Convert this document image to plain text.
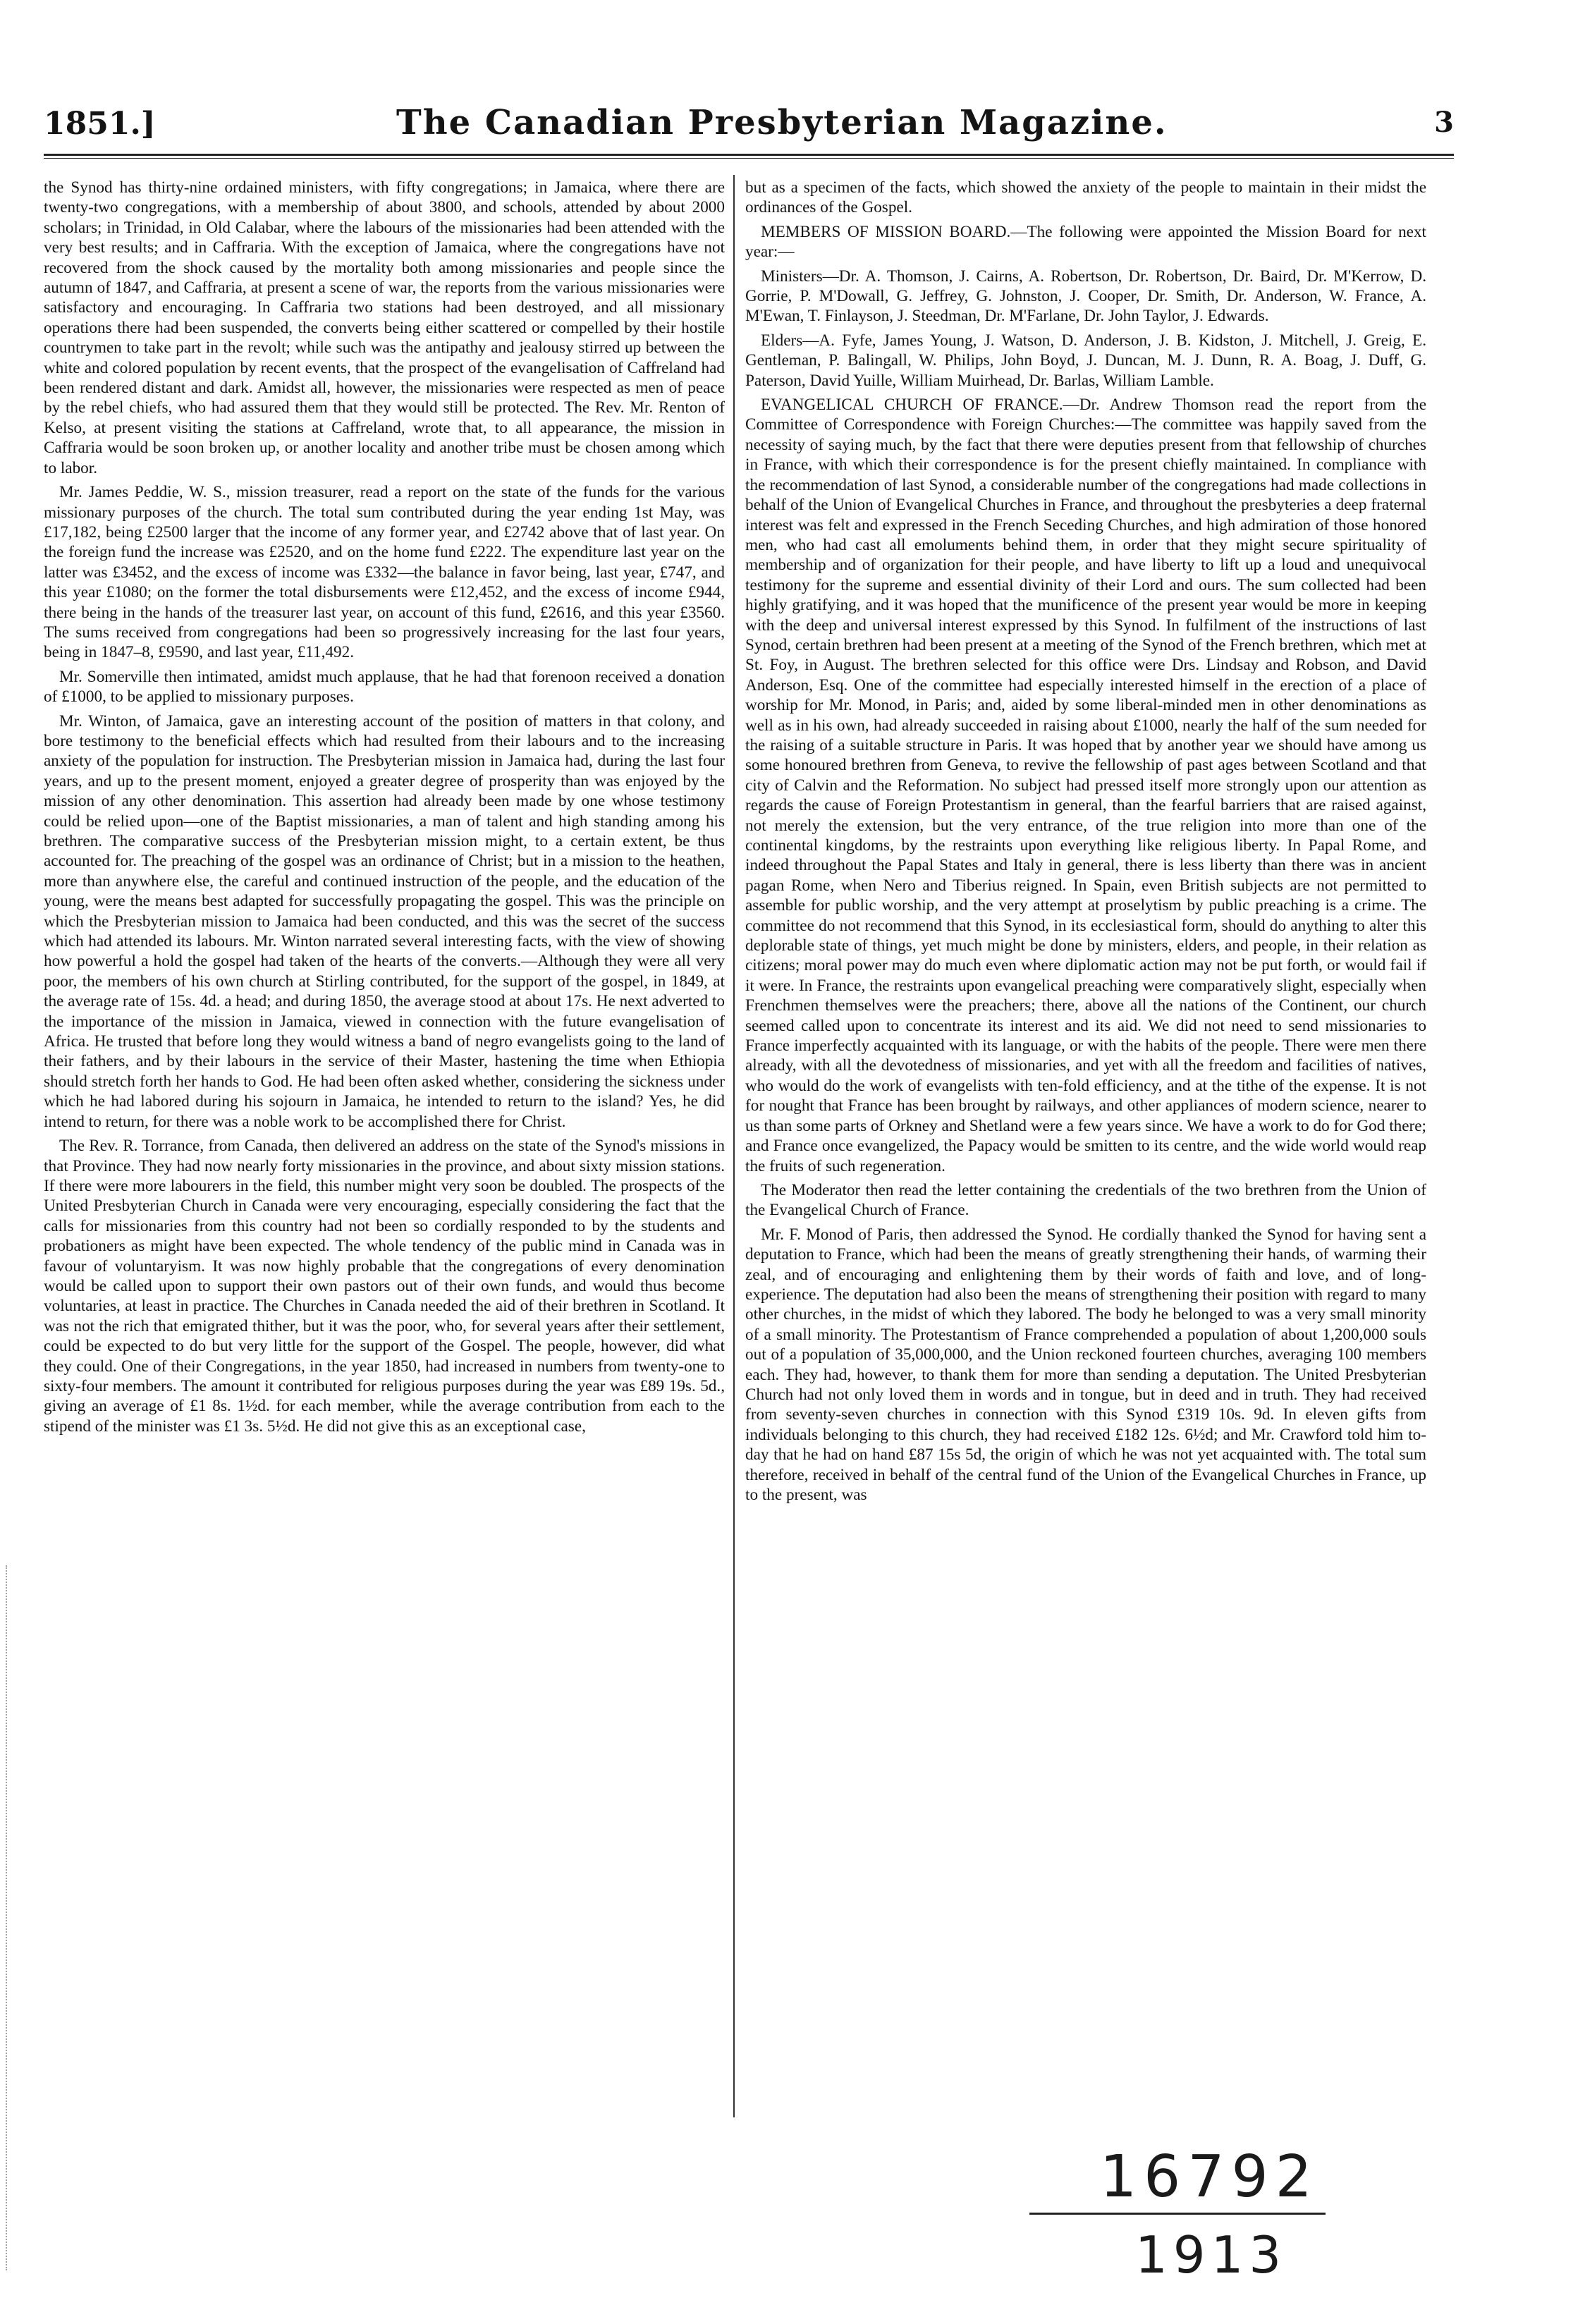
1851.]	The Canadian Presbyterian Magazine.	3

the Synod has thirty-nine ordained ministers, with fifty congregations; in Jamaica, where there are twenty-two congregations, with a membership of about 3800, and schools, attended by about 2000 scholars; in Trinidad, in Old Calabar, where the labours of the missionaries had been attended with the very best results; and in Caffraria. With the exception of Jamaica, where the congregations have not recovered from the shock caused by the mortality both among missionaries and people since the autumn of 1847, and Caffraria, at present a scene of war, the reports from the various missionaries were satisfactory and encouraging. In Caffraria two stations had been destroyed, and all missionary operations there had been suspended, the converts being either scattered or compelled by their hostile countrymen to take part in the revolt; while such was the antipathy and jealousy stirred up between the white and colored population by recent events, that the prospect of the evangelisation of Caffreland had been rendered distant and dark. Amidst all, however, the missionaries were respected as men of peace by the rebel chiefs, who had assured them that they would still be protected. The Rev. Mr. Renton of Kelso, at present visiting the stations at Caffreland, wrote that, to all appearance, the mission in Caffraria would be soon broken up, or another locality and another tribe must be chosen among which to labor.

Mr. James Peddie, W. S., mission treasurer, read a report on the state of the funds for the various missionary purposes of the church. The total sum contributed during the year ending 1st May, was £17,182, being £2500 larger that the income of any former year, and £2742 above that of last year. On the foreign fund the increase was £2520, and on the home fund £222. The expenditure last year on the latter was £3452, and the excess of income was £332—the balance in favor being, last year, £747, and this year £1080; on the former the total disbursements were £12,452, and the excess of income £944, there being in the hands of the treasurer last year, on account of this fund, £2616, and this year £3560. The sums received from congregations had been so progressively increasing for the last four years, being in 1847–8, £9590, and last year, £11,492.

Mr. Somerville then intimated, amidst much applause, that he had that forenoon received a donation of £1000, to be applied to missionary purposes.

Mr. Winton, of Jamaica, gave an interesting account of the position of matters in that colony, and bore testimony to the beneficial effects which had resulted from their labours and to the increasing anxiety of the population for instruction. The Presbyterian mission in Jamaica had, during the last four years, and up to the present moment, enjoyed a greater degree of prosperity than was enjoyed by the mission of any other denomination. This assertion had already been made by one whose testimony could be relied upon—one of the Baptist missionaries, a man of talent and high standing among his brethren. The comparative success of the Presbyterian mission might, to a certain extent, be thus accounted for. The preaching of the gospel was an ordinance of Christ; but in a mission to the heathen, more than anywhere else, the careful and continued instruction of the people, and the education of the young, were the means best adapted for successfully propagating the gospel. This was the principle on which the Presbyterian mission to Jamaica had been conducted, and this was the secret of the success which had attended its labours. Mr. Winton narrated several interesting facts, with the view of showing how powerful a hold the gospel had taken of the hearts of the converts.—Although they were all very poor, the members of his own church at Stirling contributed, for the support of the gospel, in 1849, at the average rate of 15s. 4d. a head; and during 1850, the average stood at about 17s. He next adverted to the importance of the mission in Jamaica, viewed in connection with the future evangelisation of Africa. He trusted that before long they would witness a band of negro evangelists going to the land of their fathers, and by their labours in the service of their Master, hastening the time when Ethiopia should stretch forth her hands to God. He had been often asked whether, considering the sickness under which he had labored during his sojourn in Jamaica, he intended to return to the island? Yes, he did intend to return, for there was a noble work to be accomplished there for Christ.

The Rev. R. Torrance, from Canada, then delivered an address on the state of the Synod's missions in that Province. They had now nearly forty missionaries in the province, and about sixty mission stations. If there were more labourers in the field, this number might very soon be doubled. The prospects of the United Presbyterian Church in Canada were very encouraging, especially considering the fact that the calls for missionaries from this country had not been so cordially responded to by the students and probationers as might have been expected. The whole tendency of the public mind in Canada was in favour of voluntaryism. It was now highly probable that the congregations of every denomination would be called upon to support their own pastors out of their own funds, and would thus become voluntaries, at least in practice. The Churches in Canada needed the aid of their brethren in Scotland. It was not the rich that emigrated thither, but it was the poor, who, for several years after their settlement, could be expected to do but very little for the support of the Gospel. The people, however, did what they could. One of their Congregations, in the year 1850, had increased in numbers from twenty-one to sixty-four members. The amount it contributed for religious purposes during the year was £89 19s. 5d., giving an average of £1 8s. 1½d. for each member, while the average contribution from each to the stipend of the minister was £1 3s. 5½d. He did not give this as an exceptional case,

but as a specimen of the facts, which showed the anxiety of the people to maintain in their midst the ordinances of the Gospel.

MEMBERS OF MISSION BOARD.—The following were appointed the Mission Board for next year:—

Ministers—Dr. A. Thomson, J. Cairns, A. Robertson, Dr. Robertson, Dr. Baird, Dr. M'Kerrow, D. Gorrie, P. M'Dowall, G. Jeffrey, G. Johnston, J. Cooper, Dr. Smith, Dr. Anderson, W. France, A. M'Ewan, T. Finlayson, J. Steedman, Dr. M'Farlane, Dr. John Taylor, J. Edwards.

Elders—A. Fyfe, James Young, J. Watson, D. Anderson, J. B. Kidston, J. Mitchell, J. Greig, E. Gentleman, P. Balingall, W. Philips, John Boyd, J. Duncan, M. J. Dunn, R. A. Boag, J. Duff, G. Paterson, David Yuille, William Muirhead, Dr. Barlas, William Lamble.

EVANGELICAL CHURCH OF FRANCE.—Dr. Andrew Thomson read the report from the Committee of Correspondence with Foreign Churches:—The committee was happily saved from the necessity of saying much, by the fact that there were deputies present from that fellowship of churches in France, with which their correspondence is for the present chiefly maintained. In compliance with the recommendation of last Synod, a considerable number of the congregations had made collections in behalf of the Union of Evangelical Churches in France, and throughout the presbyteries a deep fraternal interest was felt and expressed in the French Seceding Churches, and high admiration of those honored men, who had cast all emoluments behind them, in order that they might secure spirituality of membership and of organization for their people, and have liberty to lift up a loud and unequivocal testimony for the supreme and essential divinity of their Lord and ours. The sum collected had been highly gratifying, and it was hoped that the munificence of the present year would be more in keeping with the deep and universal interest expressed by this Synod. In fulfilment of the instructions of last Synod, certain brethren had been present at a meeting of the Synod of the French brethren, which met at St. Foy, in August. The brethren selected for this office were Drs. Lindsay and Robson, and David Anderson, Esq. One of the committee had especially interested himself in the erection of a place of worship for Mr. Monod, in Paris; and, aided by some liberal-minded men in other denominations as well as in his own, had already succeeded in raising about £1000, nearly the half of the sum needed for the raising of a suitable structure in Paris. It was hoped that by another year we should have among us some honoured brethren from Geneva, to revive the fellowship of past ages between Scotland and that city of Calvin and the Reformation. No subject had pressed itself more strongly upon our attention as regards the cause of Foreign Protestantism in general, than the fearful barriers that are raised against, not merely the extension, but the very entrance, of the true religion into more than one of the continental kingdoms, by the restraints upon everything like religious liberty. In Papal Rome, and indeed throughout the Papal States and Italy in general, there is less liberty than there was in ancient pagan Rome, when Nero and Tiberius reigned. In Spain, even British subjects are not permitted to assemble for public worship, and the very attempt at proselytism by public preaching is a crime. The committee do not recommend that this Synod, in its ecclesiastical form, should do anything to alter this deplorable state of things, yet much might be done by ministers, elders, and people, in their relation as citizens; moral power may do much even where diplomatic action may not be put forth, or would fail if it were. In France, the restraints upon evangelical preaching were comparatively slight, especially when Frenchmen themselves were the preachers; there, above all the nations of the Continent, our church seemed called upon to concentrate its interest and its aid. We did not need to send missionaries to France imperfectly acquainted with its language, or with the habits of the people. There were men there already, with all the devotedness of missionaries, and yet with all the freedom and facilities of natives, who would do the work of evangelists with ten-fold efficiency, and at the tithe of the expense. It is not for nought that France has been brought by railways, and other appliances of modern science, nearer to us than some parts of Orkney and Shetland were a few years since. We have a work to do for God there; and France once evangelized, the Papacy would be smitten to its centre, and the wide world would reap the fruits of such regeneration.

The Moderator then read the letter containing the credentials of the two brethren from the Union of the Evangelical Church of France.

Mr. F. Monod of Paris, then addressed the Synod. He cordially thanked the Synod for having sent a deputation to France, which had been the means of greatly strengthening their hands, of warming their zeal, and of encouraging and enlightening them by their words of faith and love, and of long-experience. The deputation had also been the means of strengthening their position with regard to many other churches, in the midst of which they labored. The body he belonged to was a very small minority of a small minority. The Protestantism of France comprehended a population of about 1,200,000 souls out of a population of 35,000,000, and the Union reckoned fourteen churches, averaging 100 members each. They had, however, to thank them for more than sending a deputation. The United Presbyterian Church had not only loved them in words and in tongue, but in deed and in truth. They had received from seventy-seven churches in connection with this Synod £319 10s. 9d. In eleven gifts from individuals belonging to this church, they had received £182 12s. 6½d; and Mr. Crawford told him to-day that he had on hand £87 15s 5d, the origin of which he was not yet acquainted with. The total sum therefore, received in behalf of the central fund of the Union of the Evangelical Churches in France, up to the present, was

16792
1913
